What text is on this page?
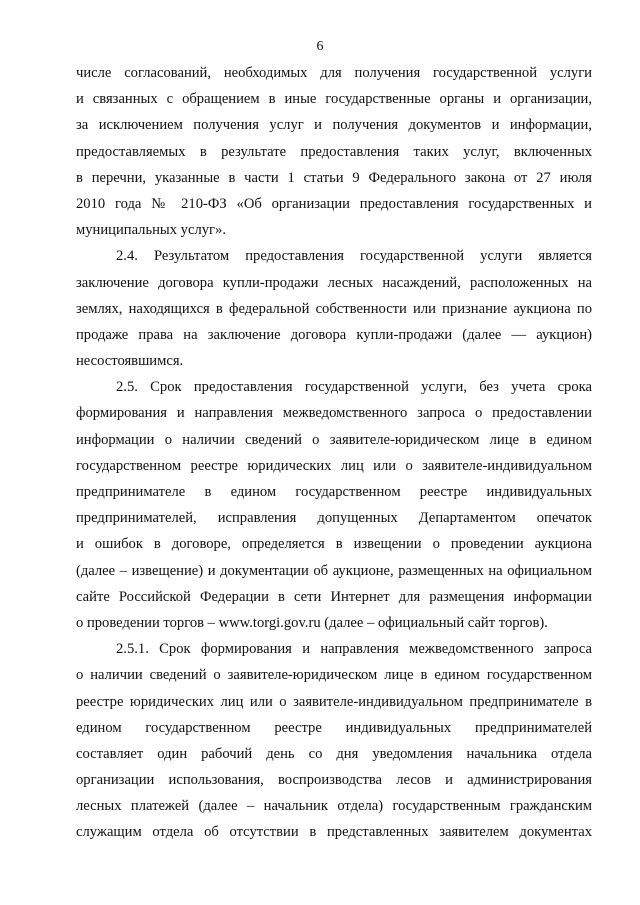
6
числе согласований, необходимых для получения государственной услуги
и связанных с обращением в иные государственные органы и организации,
за исключением получения услуг и получения документов и информации,
предоставляемых в результате предоставления таких услуг, включенных
в перечни, указанные в части 1 статьи 9 Федерального закона от 27 июля
2010 года № 210-ФЗ «Об организации предоставления государственных и
муниципальных услуг».
2.4. Результатом предоставления государственной услуги является
заключение договора купли-продажи лесных насаждений, расположенных на
землях, находящихся в федеральной собственности или признание аукциона по
продаже права на заключение договора купли-продажи (далее — аукцион)
несостоявшимся.
2.5. Срок предоставления государственной услуги, без учета срока
формирования и направления межведомственного запроса о предоставлении
информации о наличии сведений о заявителе-юридическом лице в едином
государственном реестре юридических лиц или о заявителе-индивидуальном
предпринимателе в едином государственном реестре индивидуальных
предпринимателей, исправления допущенных Департаментом опечаток
и ошибок в договоре, определяется в извещении о проведении аукциона
(далее – извещение) и документации об аукционе, размещенных на официальном
сайте Российской Федерации в сети Интернет для размещения информации
о проведении торгов – www.torgi.gov.ru (далее – официальный сайт торгов).
2.5.1. Срок формирования и направления межведомственного запроса
о наличии сведений о заявителе-юридическом лице в едином государственном
реестре юридических лиц или о заявителе-индивидуальном предпринимателе в
едином государственном реестре индивидуальных предпринимателей
составляет один рабочий день со дня уведомления начальника отдела
организации использования, воспроизводства лесов и администрирования
лесных платежей (далее – начальник отдела) государственным гражданским
служащим отдела об отсутствии в представленных заявителем документах
